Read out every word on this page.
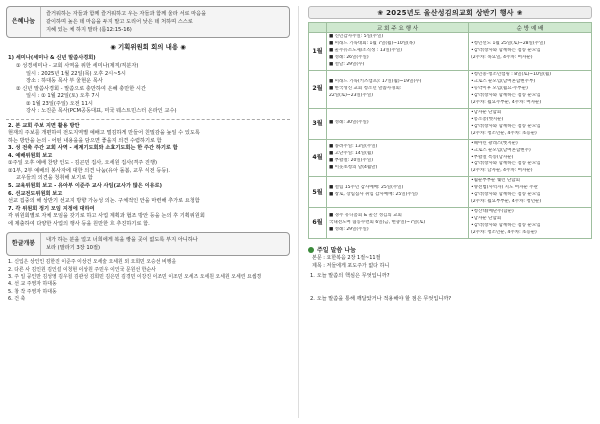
은혜나눔
즐거워하는 자들과 함께 즐거워하고 우는 자들과 함께 울라 서로 마음을
같이하며 높은 데 마음을 두지 말고 도리어 낮은 데 처하며 스스로
지혜 있는 체 하지 말라 (롬12:15-16)
◉ 기획위원회 회의 내용 ◉
1) 세미나(세미나 & 신년 말씀사경회)
① 성경세미나 - 교회 사역을 위한 세미나(제직/직분자)
일시 : 2025년 1월 22일(목) 오후 2시~5시
장소 : 하대동 목사 부 울현운 목사
② 신년 말씀사경회 - 말씀으로 충만하여 은혜 충만한 시간
일시 : ① 1월 22일(토) 오후 7시
② 1월 23일(주일) 오전 11시
강사 : 노진준 목사(PCM공동대표, 미국 웨스트민스터 온라인 교수)
2. 본 교회 주보 지면 활용 방안
현재의 주보를 개편하여 전도지역별 예배고 멀김하게 만들어 친밀감을 높일 수 있도록
하는 방안을 논의 - 어떤 내용을을 담으면 좋을지 의견 수렴하기로 함
3. 성 전축 주간 교회 사역 - 세계기도회와 소효기도회는 한 주간 하기로 함
4. 예배위원회 보고
①주일 오후 예배 찬양 인도 - 김곤민 집사, 오세원 집사(격주 진행)
②1부, 2부 예배의 봉사자에 대한 의견 나눔(유아 돌봄, 교무 식전 등등).
교우들의 의견을 청취해 보기로 함
5. 교육위원회 보고 - 유아부 이준주 교사 사임(교사가 많은 이유로)
6. 선교전도위원회 보고
선교 집중의 해 상반기 선교지 방향 가능성 의논. 구체적인 안을 마련해 추가로 요청함
7. 각 위원회 정기 모임 지정에 대하여
각 위원회별로 자체 모임을 갖기로 하고 사업 계획과 협조 방안 등을 논의 후 기획위원회
에 제출하여 다양한 사업의 행사 등을 원만한 흐 추진하기로 함.
한글개봉	내가 하는 분을 얼고 너희에게 복을 빵을 곳이 없도록 부지 아니하나
보라 (말라기 3장 10절)
1. 신입은 상인인 김한진 이준주 이상건 오세술 오세원 외 오희민 오승선 비행을
2. 다른 사 김인원 김인설 이청현 이상원 주민우 이인국 문원선 한순사
3. 주 일 공인만 김성영 김우칠 김관성 김희민 김은민 김경민 이강진 이조민 이조민 오세즈 오세원 오세원 오세린 요셉경
4. 선 교 주영자 하대동
5. 창 작 주영자 하대동
6. 건 축
❀ 2025년도 울산성김의교회 상반기 행사 ❀
	교 회 주 요 행 사	순 방 예 배
1월	■ 신년감사주일: 5일(주일)
■ 미래드 기독대회: 1월 7일(월)~10일(목)
■ 울주유소도제/조직성 : 13일(주일)
■ 성례: 26일(주일)
■ 설날: 29일(수)	•청년선노 1월 25일(토)~28일(주일)
•감악(창사와 함께하는 점송 순모임
(2주차: 목요일, 4주차: 여자순)

2월	■ 미래드 기독(키즈캠프): 17일(월)~19일(수)
■ 한국성신 교회 청소년 말씀사경회:
22일(토)~23일(주일)	•청년중·청소년캠핑 : 8일(토)~10일(월)
•크로스 순모임(남여혼합변주부)
•뉴약이후 모임(월요·주부순)
•감악(창사와 함께하는 점송 순모임
(2주차: 월요주부순, 4주차: 여자순)

3월	■ 성례: 30일(주일)	•남자순 단합회
•봉소총(헷지순)
•감악(창사와 함께하는 점송 순모임
(2주차: 청소년순, 4주차: 초등순)

4월	■ 종려주일: 13일(주일)
■ 고난주일: 14일(월)
■ 부활절: 20일(주일)
■ 이웃초청의 날(4월말)	•헤아린 광레스(헷지순)
•크로스 순모임(남여혼합변주)
•부활절 특송(남자순)
•감악(창사와 함께하는 점송 순모임
(2주차: 남자순, 4주차: 여자순)

5월	■ 설립 15주년 감사예배: 25일(주일)
■ 창로, 장립집사 취임 감사예배: 25일(주일)	•월순부부순 쉐런 단합회
•양전법(사역자) 지도 여자순 주관
•감악(창사와 함께하는 점송 순모임
(2주차: 월요부부순, 4주차: 청년순)

6월	■ 경주 유니폼회 & 울산 성김의 교회
국내전도여 협동수련회 6일(금, 현충일)~7일(토)
■ 성례: 29일(주일)	•청산대(예단주(함순)
•남자순 단합회
•감악(창사와 함께하는 점송 순모임
(2주차: 청소년순, 4주차: 초등순)
주일 말씀 나눔
본문 : 요한복음 2장 1절~11절
제목 : 저들에게 포도주가 없다 하니
1. 오늘 말씀의 핵심은 무엇입니까?
2. 오늘 말씀을 통해 깨달았거나 적용해야 할 점은 무엇입니까?
